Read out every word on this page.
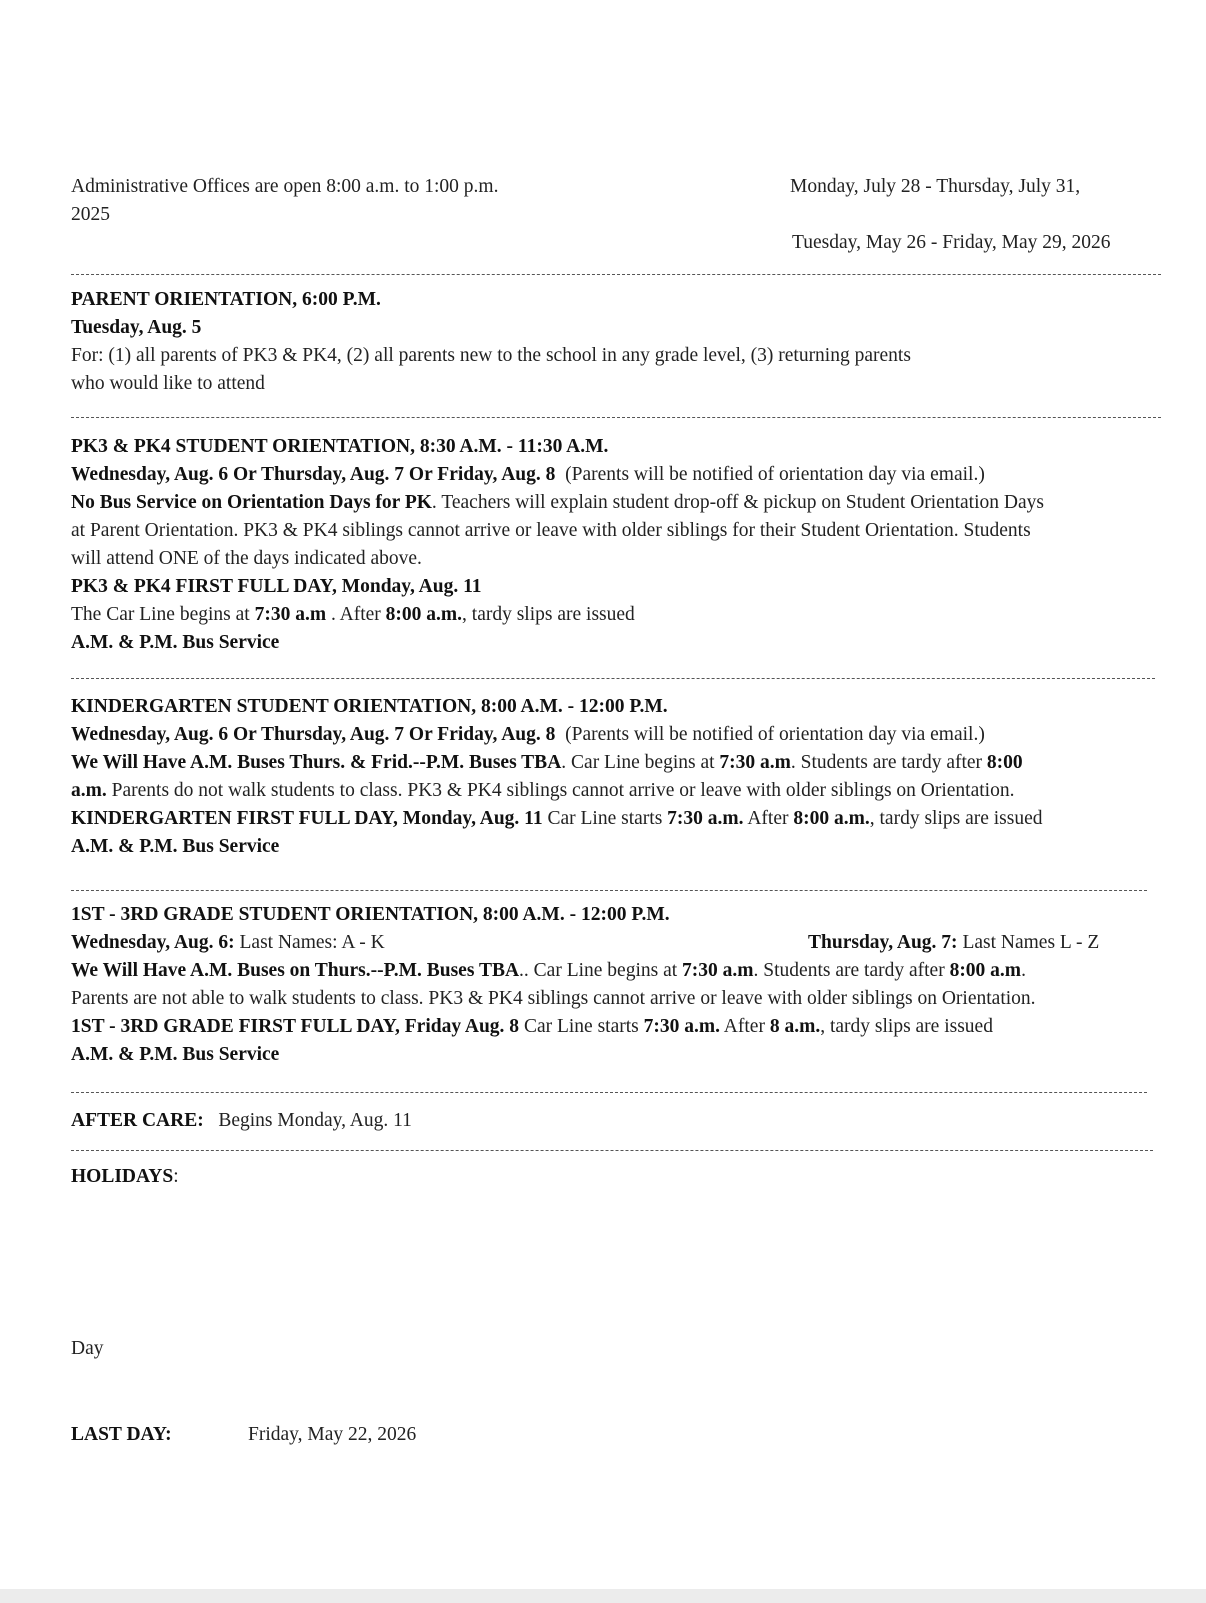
Administrative Offices are open 8:00 a.m. to 1:00 p.m.	Monday, July 28 - Thursday, July 31,
2025
Tuesday, May 26 - Friday, May 29, 2026
PARENT ORIENTATION, 6:00 P.M.
Tuesday, Aug. 5
For: (1) all parents of PK3 & PK4, (2) all parents new to the school in any grade level, (3) returning parents
who would like to attend
PK3 & PK4 STUDENT ORIENTATION, 8:30 A.M. - 11:30 A.M.
Wednesday, Aug. 6 Or Thursday, Aug. 7 Or Friday, Aug. 8 (Parents will be notified of orientation day via email.)
No Bus Service on Orientation Days for PK. Teachers will explain student drop-off & pickup on Student Orientation Days
at Parent Orientation. PK3 & PK4 siblings cannot arrive or leave with older siblings for their Student Orientation. Students
will attend ONE of the days indicated above.
PK3 & PK4 FIRST FULL DAY, Monday, Aug. 11
The Car Line begins at 7:30 a.m . After 8:00 a.m., tardy slips are issued
A.M. & P.M. Bus Service
KINDERGARTEN STUDENT ORIENTATION, 8:00 A.M. - 12:00 P.M.
Wednesday, Aug. 6 Or Thursday, Aug. 7 Or Friday, Aug. 8 (Parents will be notified of orientation day via email.)
We Will Have A.M. Buses Thurs. & Frid.--P.M. Buses TBA. Car Line begins at 7:30 a.m. Students are tardy after 8:00
a.m. Parents do not walk students to class. PK3 & PK4 siblings cannot arrive or leave with older siblings on Orientation.
KINDERGARTEN FIRST FULL DAY, Monday, Aug. 11 Car Line starts 7:30 a.m. After 8:00 a.m., tardy slips are issued
A.M. & P.M. Bus Service
1ST - 3RD GRADE STUDENT ORIENTATION, 8:00 A.M. - 12:00 P.M.
Wednesday, Aug. 6: Last Names: A - K	Thursday, Aug. 7: Last Names L - Z
We Will Have A.M. Buses on Thurs.--P.M. Buses TBA.. Car Line begins at 7:30 a.m. Students are tardy after 8:00 a.m.
Parents are not able to walk students to class. PK3 & PK4 siblings cannot arrive or leave with older siblings on Orientation.
1ST - 3RD GRADE FIRST FULL DAY, Friday Aug. 8 Car Line starts 7:30 a.m. After 8 a.m., tardy slips are issued
A.M. & P.M. Bus Service
AFTER CARE: Begins Monday, Aug. 11
HOLIDAYS:
Day
LAST DAY:	Friday, May 22, 2026
